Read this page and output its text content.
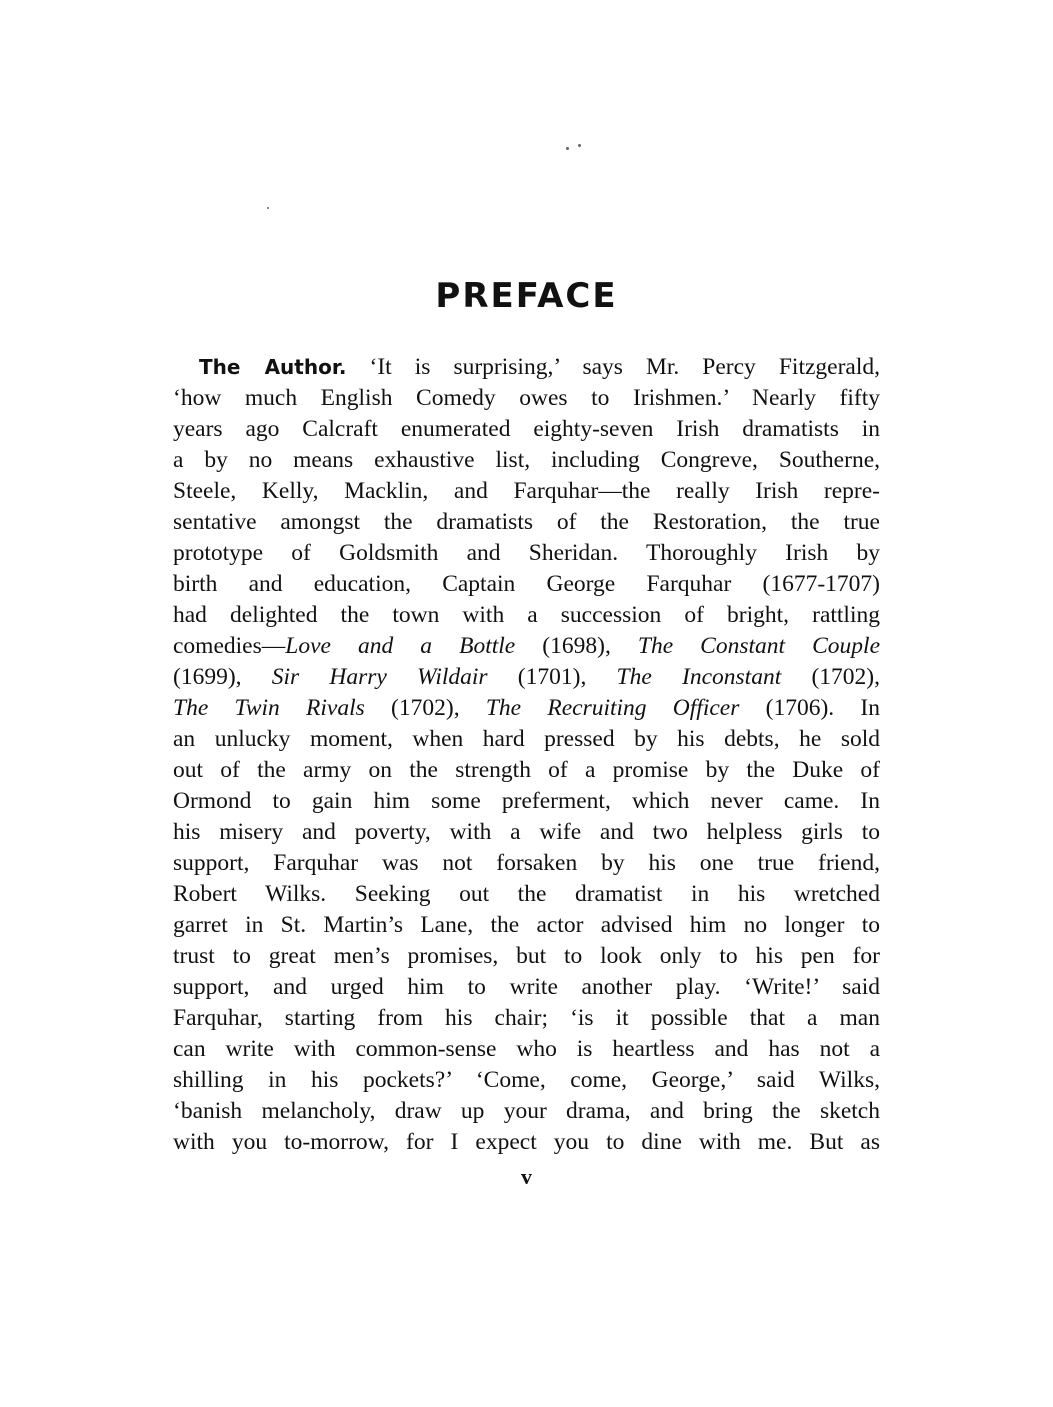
PREFACE
The Author. ‘It is surprising,’ says Mr. Percy Fitzgerald,
‘how much English Comedy owes to Irishmen.’ Nearly fifty
years ago Calcraft enumerated eighty-seven Irish dramatists in
a by no means exhaustive list, including Congreve, Southerne,
Steele, Kelly, Macklin, and Farquhar—the really Irish repre-
sentative amongst the dramatists of the Restoration, the true
prototype of Goldsmith and Sheridan. Thoroughly Irish by
birth and education, Captain George Farquhar (1677-1707)
had delighted the town with a succession of bright, rattling
comedies—Love and a Bottle (1698), The Constant Couple
(1699), Sir Harry Wildair (1701), The Inconstant (1702),
The Twin Rivals (1702), The Recruiting Officer (1706). In
an unlucky moment, when hard pressed by his debts, he sold
out of the army on the strength of a promise by the Duke of
Ormond to gain him some preferment, which never came. In
his misery and poverty, with a wife and two helpless girls to
support, Farquhar was not forsaken by his one true friend,
Robert Wilks. Seeking out the dramatist in his wretched
garret in St. Martin’s Lane, the actor advised him no longer to
trust to great men’s promises, but to look only to his pen for
support, and urged him to write another play. ‘Write!’ said
Farquhar, starting from his chair; ‘is it possible that a man
can write with common-sense who is heartless and has not a
shilling in his pockets?’ ‘Come, come, George,’ said Wilks,
‘banish melancholy, draw up your drama, and bring the sketch
with you to-morrow, for I expect you to dine with me. But as
v
